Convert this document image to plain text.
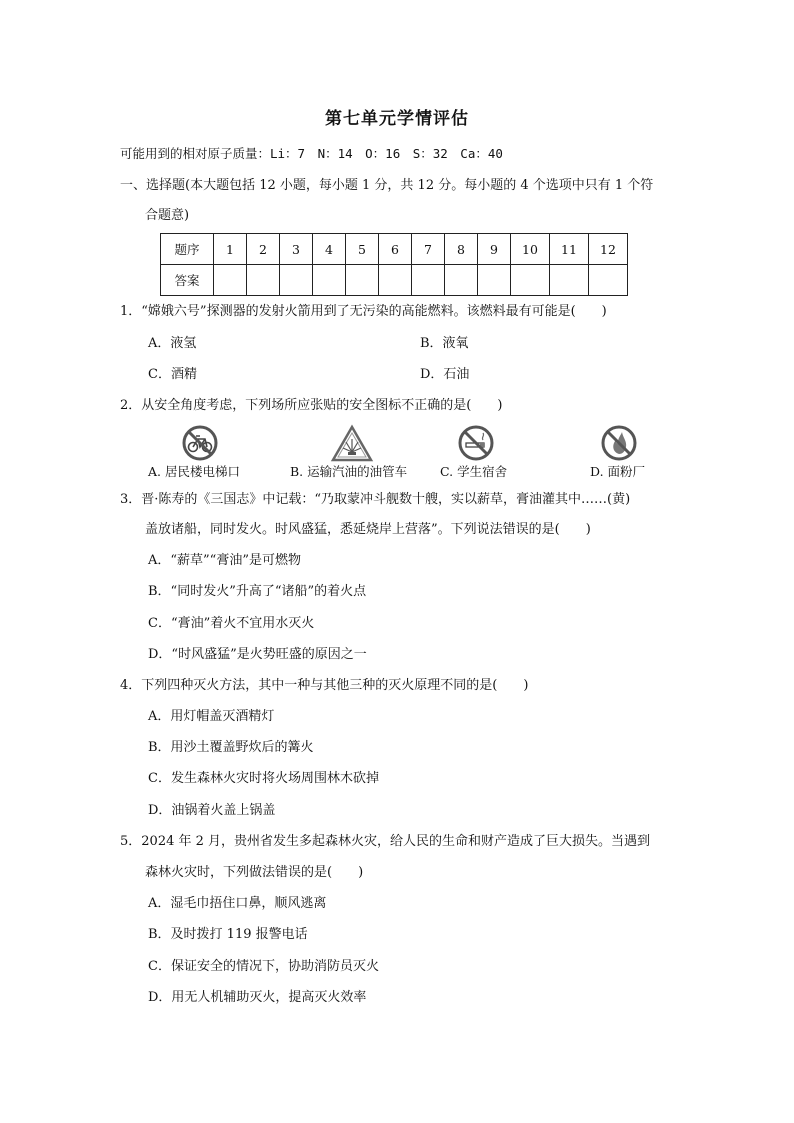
第七单元学情评估
可能用到的相对原子质量：Li：7　N：14　O：16　S：32　Ca：40
一、选择题(本大题包括 12 小题，每小题 1 分，共 12 分。每小题的 4 个选项中只有 1 个符
合题意)
题序	1	2	3	4	5	6	7	8	9	10	11	12
答案												
1．“嫦娥六号”探测器的发射火箭用到了无污染的高能燃料。该燃料最有可能是(　　)
A．液氢	B．液氧
C．酒精	D．石油
2．从安全角度考虑，下列场所应张贴的安全图标不正确的是(　　)
A. 居民楼电梯口	B. 运输汽油的油管车	C. 学生宿舍	D. 面粉厂
3．晋·陈寿的《三国志》中记载：“乃取蒙冲斗舰数十艘，实以薪草，膏油灌其中……(黄)
盖放诸船，同时发火。时风盛猛，悉延烧岸上营落”。下列说法错误的是(　　)
A．“薪草”“膏油”是可燃物
B．“同时发火”升高了“诸船”的着火点
C．“膏油”着火不宜用水灭火
D．“时风盛猛”是火势旺盛的原因之一
4．下列四种灭火方法，其中一种与其他三种的灭火原理不同的是(　　)
A．用灯帽盖灭酒精灯
B．用沙土覆盖野炊后的篝火
C．发生森林火灾时将火场周围林木砍掉
D．油锅着火盖上锅盖
5．2024 年 2 月，贵州省发生多起森林火灾，给人民的生命和财产造成了巨大损失。当遇到
森林火灾时，下列做法错误的是(　　)
A．湿毛巾捂住口鼻，顺风逃离
B．及时拨打 119 报警电话
C．保证安全的情况下，协助消防员灭火
D．用无人机辅助灭火，提高灭火效率
